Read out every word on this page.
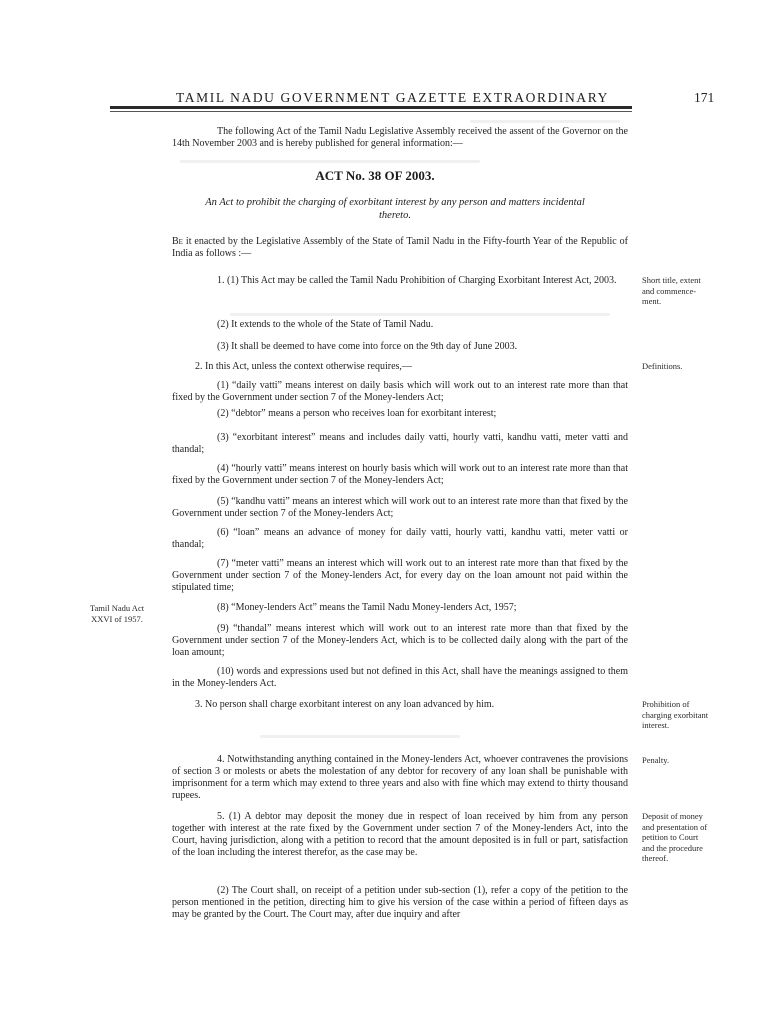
TAMIL NADU GOVERNMENT GAZETTE EXTRAORDINARY	171

The following Act of the Tamil Nadu Legislative Assembly received the assent of the Governor on the 14th November 2003 and is hereby published for general information:—

ACT No. 38 OF 2003.
An Act to prohibit the charging of exorbitant interest by any person and matters incidental thereto.

Be it enacted by the Legislative Assembly of the State of Tamil Nadu in the Fifty-fourth Year of the Republic of India as follows :—

1. (1) This Act may be called the Tamil Nadu Prohibition of Charging Exorbitant Interest Act, 2003.

(2) It extends to the whole of the State of Tamil Nadu.

(3) It shall be deemed to have come into force on the 9th day of June 2003.

2. In this Act, unless the context otherwise requires,—

(1) “daily vatti” means interest on daily basis which will work out to an interest rate more than that fixed by the Government under section 7 of the Money-lenders Act;

(2) “debtor” means a person who receives loan for exorbitant interest;

(3) “exorbitant interest” means and includes daily vatti, hourly vatti, kandhu vatti, meter vatti and thandal;

(4) “hourly vatti” means interest on hourly basis which will work out to an interest rate more than that fixed by the Government under section 7 of the Money-lenders Act;

(5) “kandhu vatti” means an interest which will work out to an interest rate more than that fixed by the Government under section 7 of the Money-lenders Act;

(6) “loan” means an advance of money for daily vatti, hourly vatti, kandhu vatti, meter vatti or thandal;

(7) “meter vatti” means an interest which will work out to an interest rate more than that fixed by the Government under section 7 of the Money-lenders Act, for every day on the loan amount not paid within the stipulated time;

(8) “Money-lenders Act” means the Tamil Nadu Money-lenders Act, 1957;

(9) “thandal” means interest which will work out to an interest rate more than that fixed by the Government under section 7 of the Money-lenders Act, which is to be collected daily along with the part of the loan amount;

(10) words and expressions used but not defined in this Act, shall have the meanings assigned to them in the Money-lenders Act.

3. No person shall charge exorbitant interest on any loan advanced by him.

4. Notwithstanding anything contained in the Money-lenders Act, whoever contravenes the provisions of section 3 or molests or abets the molestation of any debtor for recovery of any loan shall be punishable with imprisonment for a term which may extend to three years and also with fine which may extend to thirty thousand rupees.

5. (1) A debtor may deposit the money due in respect of loan received by him from any person together with interest at the rate fixed by the Government under section 7 of the Money-lenders Act, into the Court, having jurisdiction, along with a petition to record that the amount deposited is in full or part, satisfaction of the loan including the interest therefor, as the case may be.

(2) The Court shall, on receipt of a petition under sub-section (1), refer a copy of the petition to the person mentioned in the petition, directing him to give his version of the case within a period of fifteen days as may be granted by the Court. The Court may, after due inquiry and after

Short title, extent and commence-ment.

Definitions.

Tamil Nadu Act XXVI of 1957.

Prohibition of charging exorbitant interest.

Penalty.

Deposit of money and presentation of petition to Court and the procedure thereof.
